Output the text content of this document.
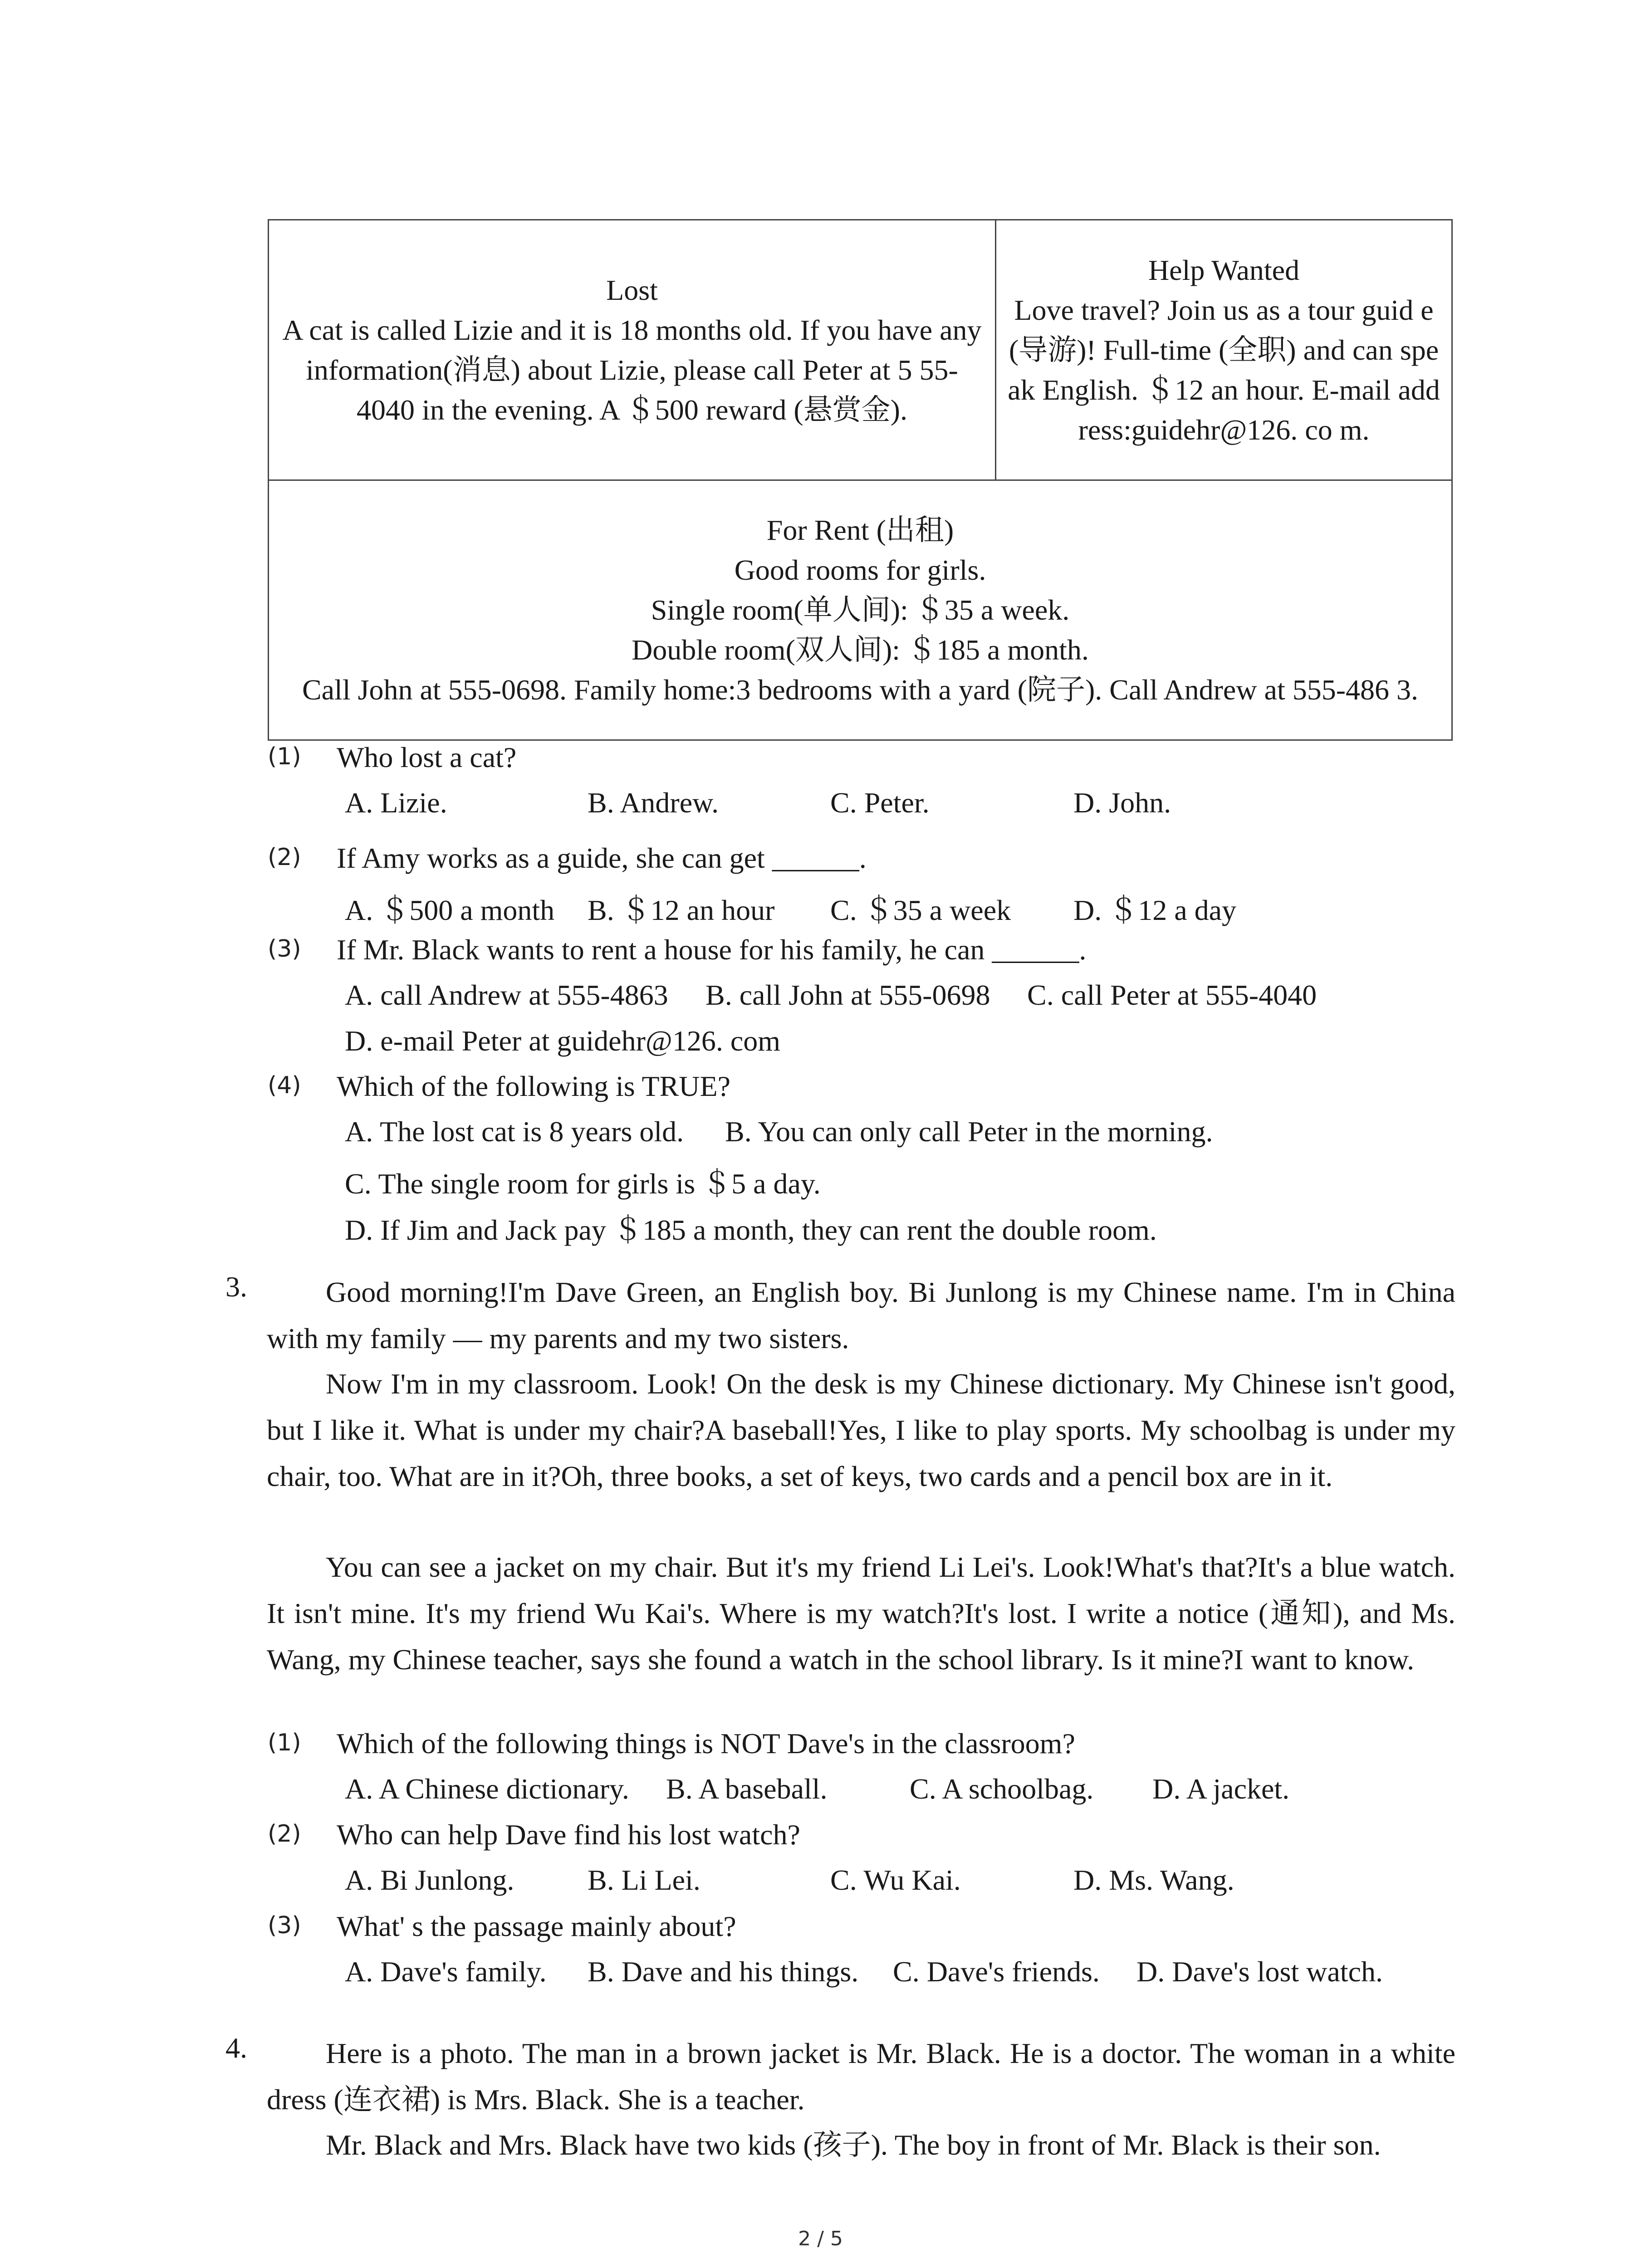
Lost
A cat is called Lizie and it is 18 months old. If you have any information(消息) about Lizie, please call Peter at 5 55-4040 in the evening. A ＄500 reward (悬赏金).
Help Wanted
Love travel? Join us as a tour guid e (导游)! Full-time (全职) and can speak English. ＄12 an hour. E-mail address:guidehr@126. co m.
For Rent (出租)
Good rooms for girls.
Single room(单人间): ＄35 a week.
Double room(双人间): ＄185 a month.
Call John at 555-0698. Family home:3 bedrooms with a yard (院子). Call Andrew at 555-486 3.
(1) Who lost a cat?
A. Lizie.	B. Andrew.	C. Peter.	D. John.
(2) If Amy works as a guide, she can get ______.
A. ＄500 a month B. ＄12 an hour C. ＄35 a week D. ＄12 a day
(3) If Mr. Black wants to rent a house for his family, he can ______.
A. call Andrew at 555-4863 B. call John at 555-0698 C. call Peter at 555-4040
D. e-mail Peter at guidehr@126. com
(4) Which of the following is TRUE?
A. The lost cat is 8 years old. B. You can only call Peter in the morning.
C. The single room for girls is ＄5 a day.
D. If Jim and Jack pay ＄185 a month, they can rent the double room.
3.	Good morning!I'm Dave Green, an English boy. Bi Junlong is my Chinese name. I'm in China with my family — my parents and my two sisters.
Now I'm in my classroom. Look! On the desk is my Chinese dictionary. My Chinese isn't good, but I like it. What is under my chair?A baseball!Yes, I like to play sports. My schoolbag is under my chair, too. What are in it?Oh, three books, a set of keys, two cards and a pencil box are in it.
You can see a jacket on my chair. But it's my friend Li Lei's. Look!What's that?It's a blue watch. It isn't mine. It's my friend Wu Kai's. Where is my watch?It's lost. I write a notice (通知), and Ms. Wang, my Chinese teacher, says she found a watch in the school library. Is it mine?I want to know.
(1) Which of the following things is NOT Dave's in the classroom?
A. A Chinese dictionary. B. A baseball.	C. A schoolbag. D. A jacket.
(2) Who can help Dave find his lost watch?
A. Bi Junlong.	B. Li Lei.	C. Wu Kai.	D. Ms. Wang.
(3) What' s the passage mainly about?
A. Dave's family. B. Dave and his things. C. Dave's friends. D. Dave's lost watch.
4.	Here is a photo. The man in a brown jacket is Mr. Black. He is a doctor. The woman in a white dress (连衣裙) is Mrs. Black. She is a teacher.
Mr. Black and Mrs. Black have two kids (孩子). The boy in front of Mr. Black is their son.
2 / 5
